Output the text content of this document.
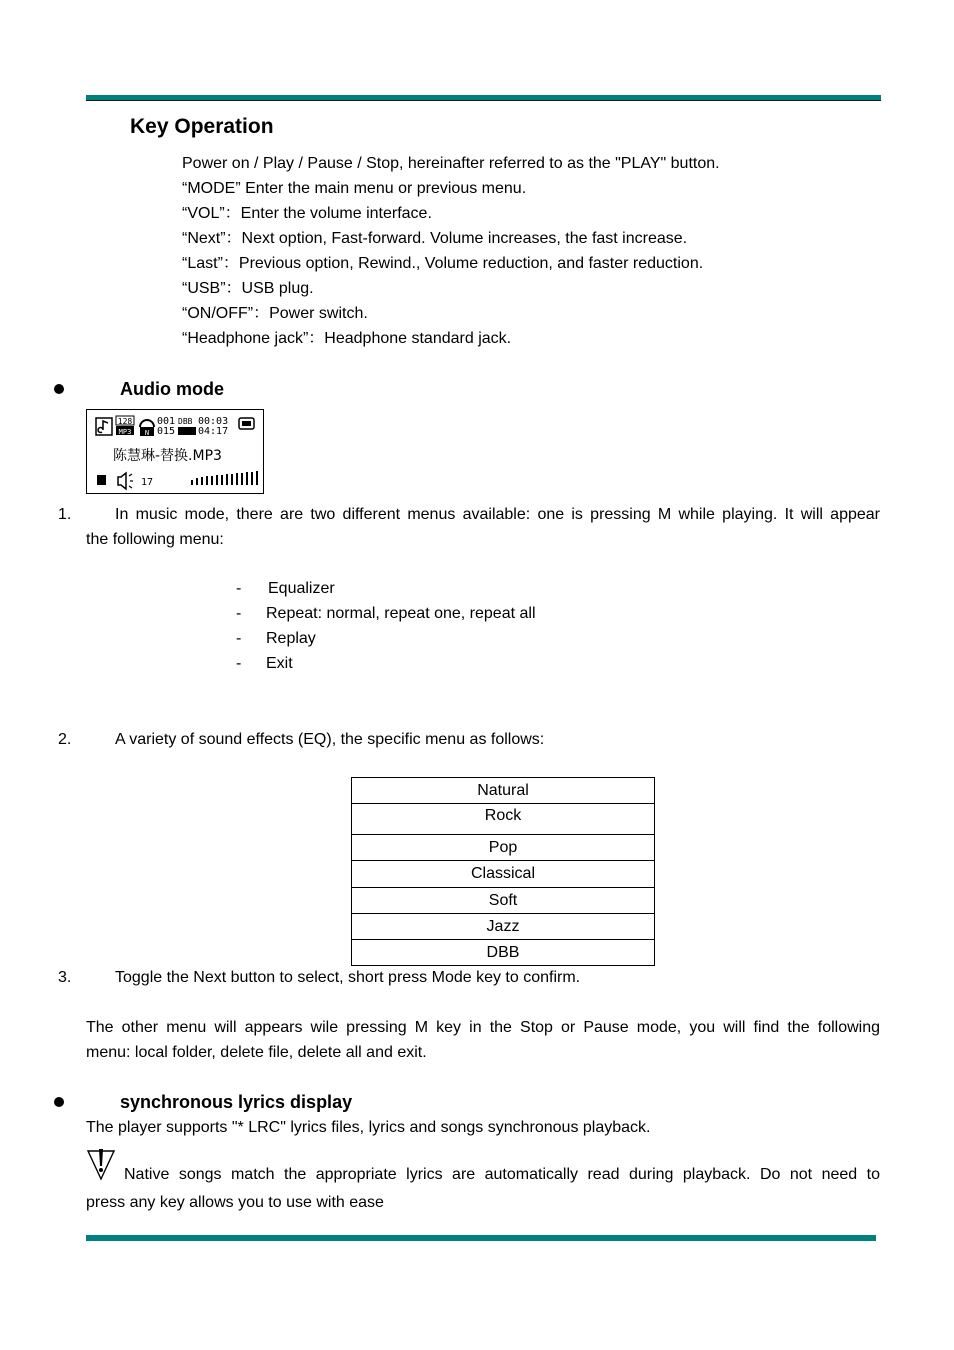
Key Operation
Power on / Play / Pause / Stop, hereinafter referred to as the "PLAY" button.
“MODE” Enter the main menu or previous menu.
“VOL”：Enter the volume interface.
“Next”：Next option, Fast-forward. Volume increases, the fast increase.
“Last”：Previous option, Rewind., Volume reduction, and faster reduction.
“USB”：USB plug.
“ON/OFF”：Power switch.
“Headphone jack”：Headphone standard jack.
Audio mode
128
MP3 N
001
015
DBB 00:03
04:17
陈慧琳-替换.MP3
17
1.	In music mode, there are two different menus available: one is pressing M while playing. It will appear
the following menu:
- Equalizer
- Repeat: normal, repeat one, repeat all
- Replay
- Exit
2.	A variety of sound effects (EQ), the specific menu as follows:
Natural
Rock
Pop
Classical
Soft
Jazz
DBB
3.	Toggle the Next button to select, short press Mode key to confirm.
The other menu will appears wile pressing M key in the Stop or Pause mode, you will find the following
menu: local folder, delete file, delete all and exit.
synchronous lyrics display
The player supports "* LRC" lyrics files, lyrics and songs synchronous playback.
Native songs match the appropriate lyrics are automatically read during playback. Do not need to
press any key allows you to use with ease
